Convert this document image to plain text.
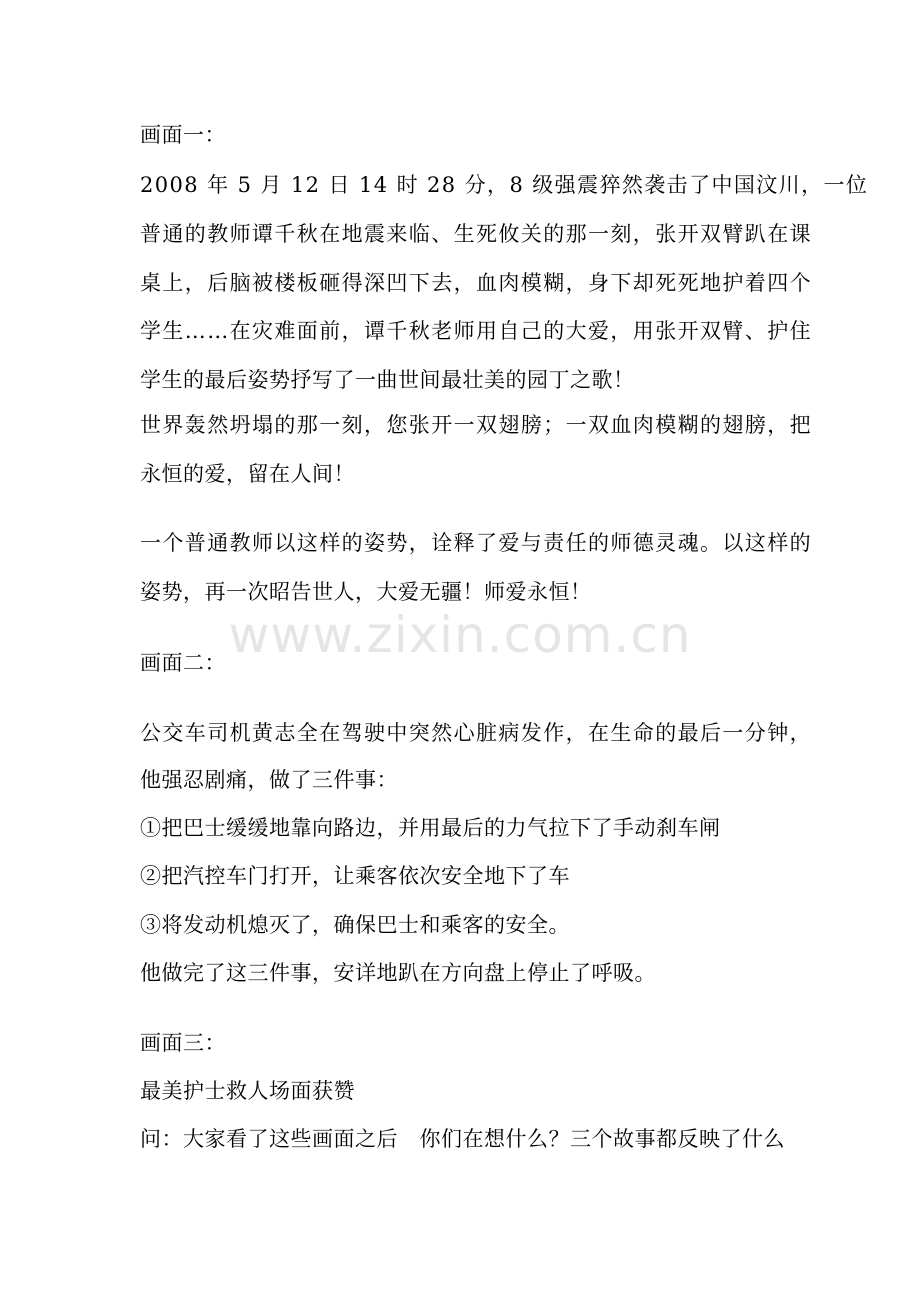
画面一：
2008 年 5 月 12 日 14 时 28 分，8 级强震猝然袭击了中国汶川，一位
普通的教师谭千秋在地震来临、生死攸关的那一刻，张开双臂趴在课
桌上，后脑被楼板砸得深凹下去，血肉模糊，身下却死死地护着四个
学生……在灾难面前，谭千秋老师用自己的大爱，用张开双臂、护住
学生的最后姿势抒写了一曲世间最壮美的园丁之歌！
世界轰然坍塌的那一刻，您张开一双翅膀；一双血肉模糊的翅膀，把
永恒的爱，留在人间！
一个普通教师以这样的姿势，诠释了爱与责任的师德灵魂。以这样的
姿势，再一次昭告世人，大爱无疆！师爱永恒！
画面二：
公交车司机黄志全在驾驶中突然心脏病发作，在生命的最后一分钟，
他强忍剧痛，做了三件事：
①把巴士缓缓地靠向路边，并用最后的力气拉下了手动刹车闸
②把汽控车门打开，让乘客依次安全地下了车
③将发动机熄灭了，确保巴士和乘客的安全。
他做完了这三件事，安详地趴在方向盘上停止了呼吸。
画面三：
最美护士救人场面获赞
问：大家看了这些画面之后　你们在想什么？三个故事都反映了什么
www.zixin.com.cn
